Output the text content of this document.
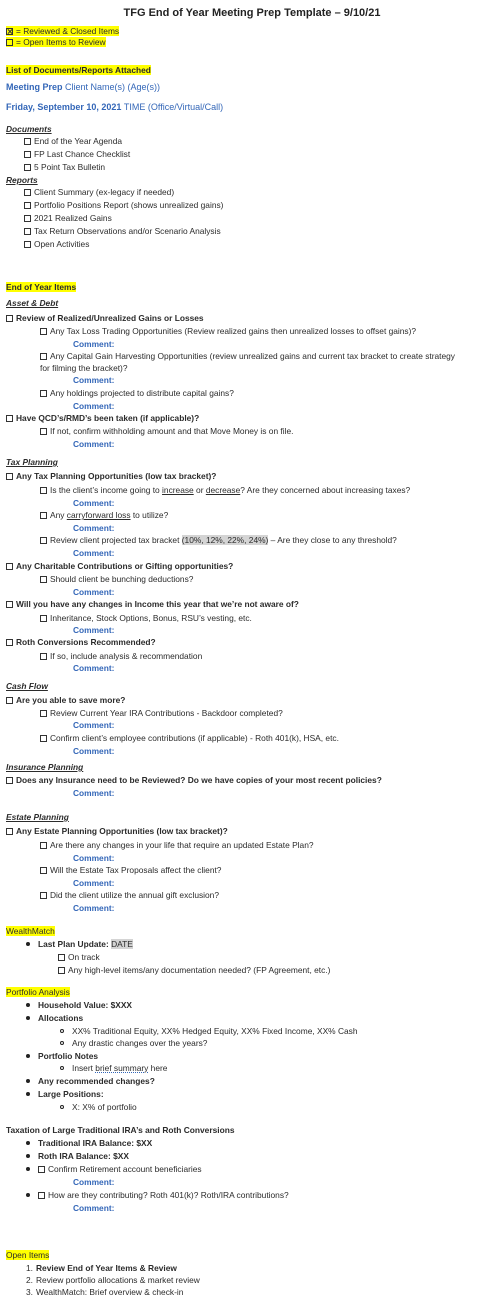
TFG End of Year Meeting Prep Template – 9/10/21
= Reviewed & Closed Items
= Open Items to Review
List of Documents/Reports Attached
Meeting Prep Client Name(s) (Age(s))
Friday, September 10, 2021 TIME (Office/Virtual/Call)
Documents
End of the Year Agenda
FP Last Chance Checklist
5 Point Tax Bulletin
Reports
Client Summary (ex-legacy if needed)
Portfolio Positions Report (shows unrealized gains)
2021 Realized Gains
Tax Return Observations and/or Scenario Analysis
Open Activities
End of Year Items
Asset & Debt
Review of Realized/Unrealized Gains or Losses
Any Tax Loss Trading Opportunities (Review realized gains then unrealized losses to offset gains)?
Comment:
Any Capital Gain Harvesting Opportunities (review unrealized gains and current tax bracket to create strategy
for filming the bracket)?
Comment:
Any holdings projected to distribute capital gains?
Comment:
Have QCD’s/RMD’s been taken (if applicable)?
If not, confirm withholding amount and that Move Money is on file.
Comment:
Tax Planning
Any Tax Planning Opportunities (low tax bracket)?
Is the client’s income going to increase or decrease? Are they concerned about increasing taxes?
Comment:
Any carryforward loss to utilize?
Comment:
Review client projected tax bracket (10%, 12%, 22%, 24%) – Are they close to any threshold?
Comment:
Any Charitable Contributions or Gifting opportunities?
Should client be bunching deductions?
Comment:
Will you have any changes in Income this year that we’re not aware of?
Inheritance, Stock Options, Bonus, RSU’s vesting, etc.
Comment:
Roth Conversions Recommended?
If so, include analysis & recommendation
Comment:
Cash Flow
Are you able to save more?
Review Current Year IRA Contributions - Backdoor completed?
Comment:
Confirm client’s employee contributions (if applicable) - Roth 401(k), HSA, etc.
Comment:
Insurance Planning
Does any Insurance need to be Reviewed? Do we have copies of your most recent policies?
Comment:
Estate Planning
Any Estate Planning Opportunities (low tax bracket)?
Are there any changes in your life that require an updated Estate Plan?
Comment:
Will the Estate Tax Proposals affect the client?
Comment:
Did the client utilize the annual gift exclusion?
Comment:
WealthMatch
Last Plan Update: DATE
On track
Any high-level items/any documentation needed? (FP Agreement, etc.)
Portfolio Analysis
Household Value: $XXX
Allocations
XX% Traditional Equity, XX% Hedged Equity, XX% Fixed Income, XX% Cash
Any drastic changes over the years?
Portfolio Notes
Insert brief summary here
Any recommended changes?
Large Positions:
X: X% of portfolio
Taxation of Large Traditional IRA’s and Roth Conversions
Traditional IRA Balance: $XX
Roth IRA Balance: $XX
Confirm Retirement account beneficiaries
Comment:
How are they contributing? Roth 401(k)? Roth/IRA contributions?
Comment:
Open Items
1. Review End of Year Items & Review
2. Review portfolio allocations & market review
3. WealthMatch: Brief overview & check-in
